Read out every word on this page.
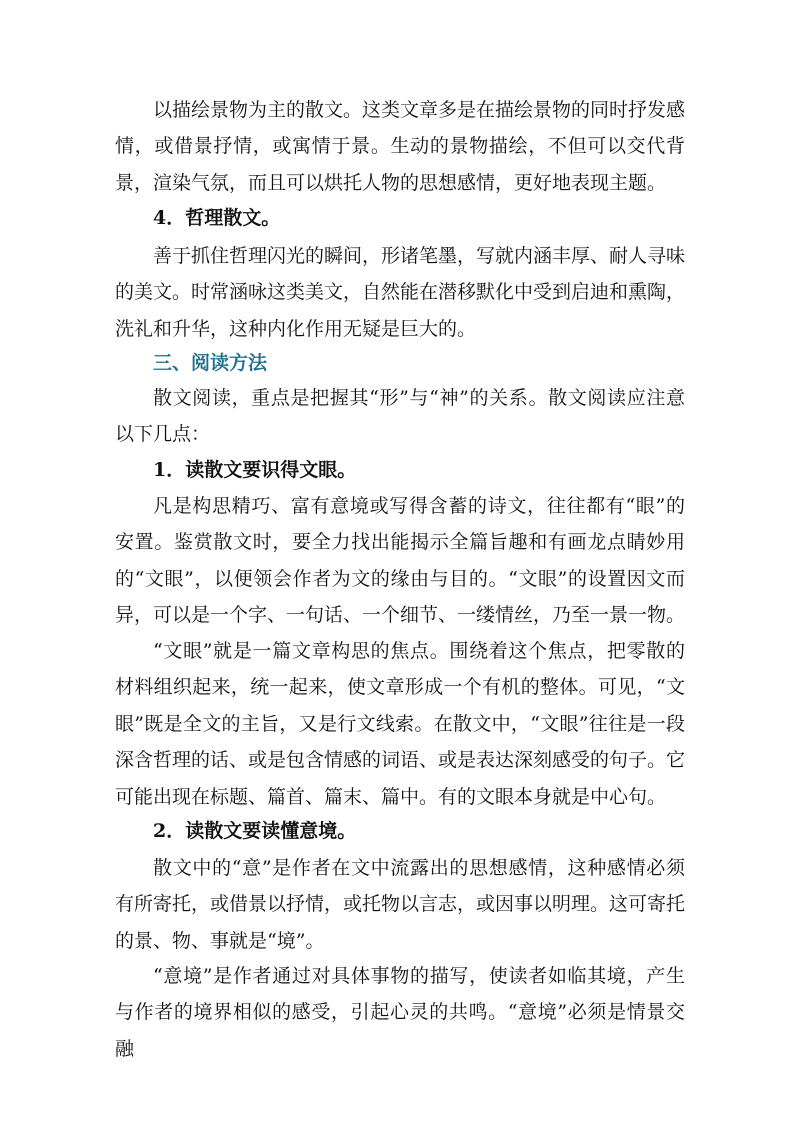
以描绘景物为主的散文。这类文章多是在描绘景物的同时抒发感情，或借景抒情，或寓情于景。生动的景物描绘，不但可以交代背景，渲染气氛，而且可以烘托人物的思想感情，更好地表现主题。

4．哲理散文。

善于抓住哲理闪光的瞬间，形诸笔墨，写就内涵丰厚、耐人寻味的美文。时常涵咏这类美文，自然能在潜移默化中受到启迪和熏陶，洗礼和升华，这种内化作用无疑是巨大的。

三、阅读方法

散文阅读，重点是把握其“形”与“神”的关系。散文阅读应注意以下几点：

1．读散文要识得文眼。

凡是构思精巧、富有意境或写得含蓄的诗文，往往都有“眼”的安置。鉴赏散文时，要全力找出能揭示全篇旨趣和有画龙点睛妙用的“文眼”，以便领会作者为文的缘由与目的。“文眼”的设置因文而异，可以是一个字、一句话、一个细节、一缕情丝，乃至一景一物。

“文眼”就是一篇文章构思的焦点。围绕着这个焦点，把零散的材料组织起来，统一起来，使文章形成一个有机的整体。可见，“文眼”既是全文的主旨，又是行文线索。在散文中，“文眼”往往是一段深含哲理的话、或是包含情感的词语、或是表达深刻感受的句子。它可能出现在标题、篇首、篇末、篇中。有的文眼本身就是中心句。

2．读散文要读懂意境。

散文中的“意”是作者在文中流露出的思想感情，这种感情必须有所寄托，或借景以抒情，或托物以言志，或因事以明理。这可寄托的景、物、事就是“境”。

“意境”是作者通过对具体事物的描写，使读者如临其境，产生与作者的境界相似的感受，引起心灵的共鸣。“意境”必须是情景交融
